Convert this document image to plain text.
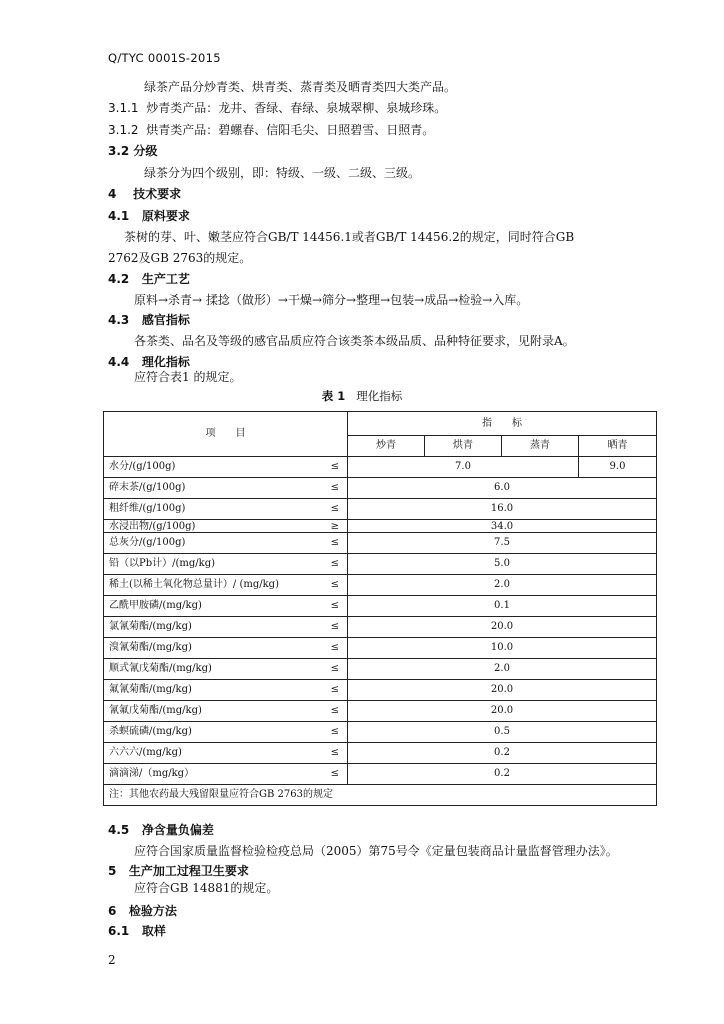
Q/TYC 0001S-2015
绿茶产品分炒青类、烘青类、蒸青类及晒青类四大类产品。
3.1.1 炒青类产品：龙井、香绿、春绿、泉城翠柳、泉城珍珠。
3.1.2 烘青类产品：碧螺春、信阳毛尖、日照碧雪、日照青。
3.2 分级
绿茶分为四个级别，即：特级、一级、二级、三级。
4 技术要求
4.1 原料要求
茶树的芽、叶、嫩茎应符合GB/T 14456.1或者GB/T 14456.2的规定，同时符合GB
2762及GB 2763的规定。
4.2 生产工艺
原料→杀青→ 揉捻（做形）→干燥→筛分→整理→包装→成品→检验→入库。
4.3 感官指标
各茶类、品名及等级的感官品质应符合该类茶本级品质、品种特征要求，见附录A。
4.4 理化指标
应符合表1 的规定。
表 1 理化指标
项　　目		指　　标			
		炒青	烘青	蒸青	晒青
水分/(g/100g)	≤	7.0			9.0
碎末茶/(g/100g)	≤	6.0			
粗纤维/(g/100g)	≤	16.0			
水浸出物/(g/100g)	≥	34.0			
总灰分/(g/100g)	≤	7.5			
铅（以Pb计）/(mg/kg)	≤	5.0			
稀土(以稀土氧化物总量计）/ (mg/kg)	≤	2.0			
乙酰甲胺磷/(mg/kg)	≤	0.1			
氯氰菊酯/(mg/kg)	≤	20.0			
溴氰菊酯/(mg/kg)	≤	10.0			
顺式氰戊菊酯/(mg/kg)	≤	2.0			
氟氰菊酯/(mg/kg)	≤	20.0			
氰氟戊菊酯/(mg/kg)	≤	20.0			
杀螟硫磷/(mg/kg)	≤	0.5			
六六六/(mg/kg)	≤	0.2			
滴滴涕/（mg/kg）	≤	0.2			
注：其他农药最大残留限量应符合GB 2763的规定					
4.5 净含量负偏差
应符合国家质量监督检验检疫总局（2005）第75号令《定量包装商品计量监督管理办法》。
5 生产加工过程卫生要求
应符合GB 14881的规定。
6 检验方法
6.1 取样
2
